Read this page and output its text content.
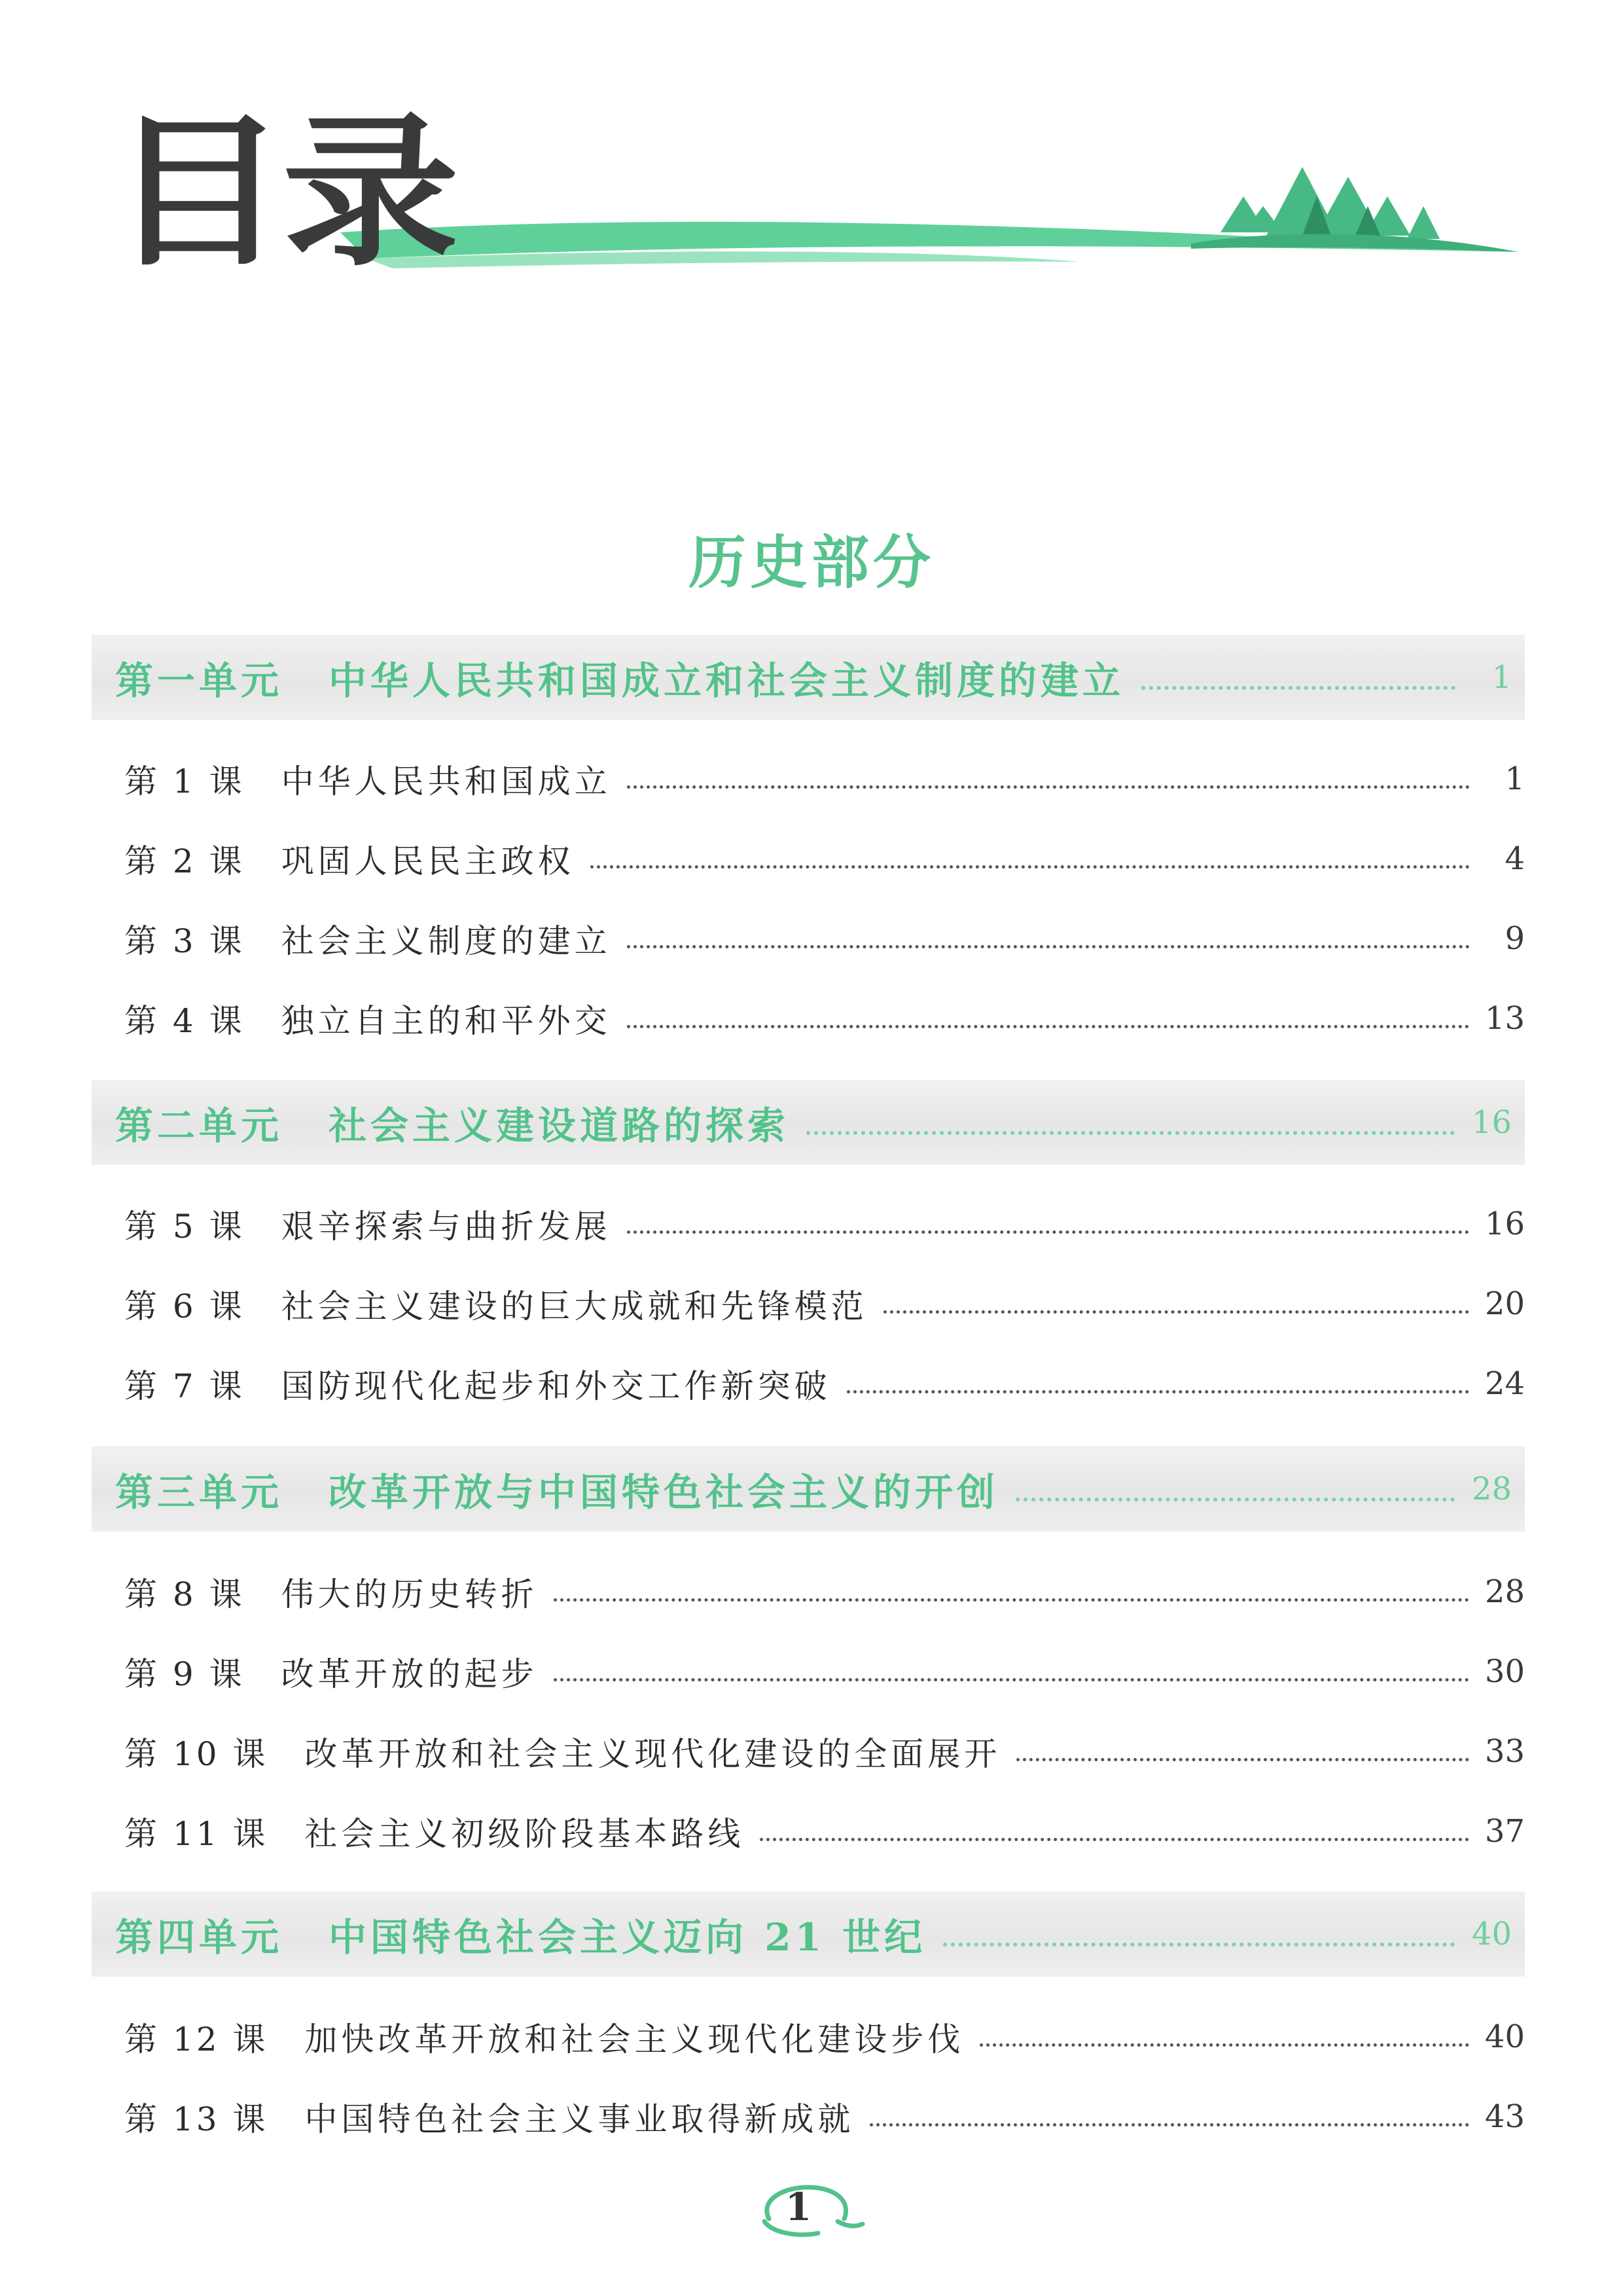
目录
历史部分
第一单元 中华人民共和国成立和社会主义制度的建立	1
第 1 课 中华人民共和国成立	1
第 2 课 巩固人民民主政权	4
第 3 课 社会主义制度的建立	9
第 4 课 独立自主的和平外交	13
第二单元 社会主义建设道路的探索	16
第 5 课 艰辛探索与曲折发展	16
第 6 课 社会主义建设的巨大成就和先锋模范	20
第 7 课 国防现代化起步和外交工作新突破	24
第三单元 改革开放与中国特色社会主义的开创	28
第 8 课 伟大的历史转折	28
第 9 课 改革开放的起步	30
第 10 课 改革开放和社会主义现代化建设的全面展开	33
第 11 课 社会主义初级阶段基本路线	37
第四单元 中国特色社会主义迈向 21 世纪	40
第 12 课 加快改革开放和社会主义现代化建设步伐	40
第 13 课 中国特色社会主义事业取得新成就	43
1
